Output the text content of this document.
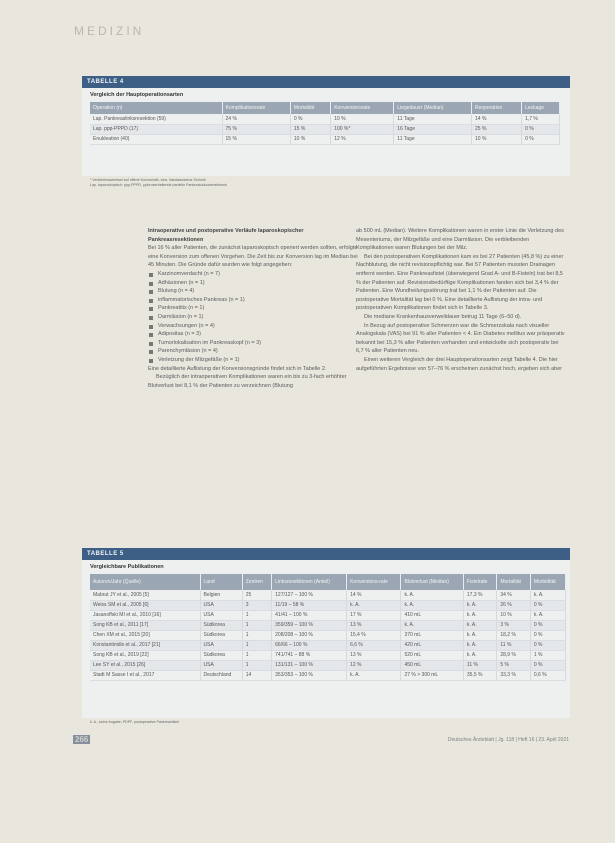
MEDIZIN
TABELLE 4
Vergleich der Hauptoperationsarten
Operation (n)	Komplikationsrate	Mortalität	Konversionsrate	Liegedauer (Median)	Reoperation	Leckage
Lap. Pankreaslinksresektion (59)	24 %	0 %	10 %	11 Tage	14 %	1,7 %
Lap. ppp-PPPD (17)	75 %	15 %	100 %*	16 Tage	25 %	0 %
Enukleation (40)	15 %	10 %	12 %	11 Tage	10 %	0 %
* Verfahrenswechsel auf offene Kurzschnitt- bzw. Handassistenz-Technik
Lap. laparoskopisch; ppp-PPPD, pyloruserhaltende partielle Pankreatoduodenektomie

Intraoperative und postoperative Verläufe laparoskopischer Pankreasresektionen

Bei 16 % aller Patienten, die zunächst laparoskopisch operiert werden sollten, erfolgte eine Konversion zum offenen Vorgehen. Die Zeit bis zur Konversion lag im Median bei 45 Minuten. Die Gründe dafür wurden wie folgt angegeben:

Karzinomverdacht (n = 7)
Adhäsionen (n = 1)
Blutung (n = 4)
inflammatorisches Pankreas (n = 1)
Pankreatitis (n = 1)
Darmläsion (n = 1)
Verwachsungen (n = 4)
Adipositas (n = 3)
Tumorlokalisation im Pankreaskopf (n = 3)
Parenchymläsion (n = 4)
Verletzung der Milzgefäße (n = 1)

Eine detaillierte Auflistung der Konversionsgründe findet sich in Tabelle 2.

Bezüglich der intraoperativen Komplikationen waren ein bis zu 3-fach erhöhter Blutverlust bei 8,1 % der Patienten zu verzeichnen (Blutung

ab 500 mL (Median). Weitere Komplikationen waren in erster Linie die Verletzung des Mesenteriums, der Milzgefäße und eine Darmläsion. Die verbleibenden Komplikationen waren Blutungen bei der Milz.

Bei den postoperativen Komplikationen kam es bei 27 Patienten (45,8 %) zu einer Nachblutung, die nicht revisionspflichtig war. Bei 57 Patienten mussten Drainagen entfernt werden. Eine Pankreasfistel (überwiegend Grad A- und B-Fisteln) trat bei 8,5 % der Patienten auf. Revisionsbedürftige Komplikationen fanden sich bei 3,4 % der Patienten. Eine Wundheilungsstörung trat bei 1,1 % der Patienten auf. Die postoperative Mortalität lag bei 0 %. Eine detaillierte Auflistung der intra- und postoperativen Komplikationen findet sich in Tabelle 3.

Die mediane Krankenhausverweildauer betrug 11 Tage (6–50 d).

In Bezug auf postoperative Schmerzen war die Schmerzskala nach visueller Analogskala (VAS) bei 91 % aller Patienten < 4. Ein Diabetes mellitus war präoperativ bekannt bei 15,3 % aller Patienten vorhanden und entwickelte sich postoperativ bei 6,7 % aller Patienten neu.

Einen weiteren Vergleich der drei Hauptoperationsarten zeigt Tabelle 4. Die hier aufgeführten Ergebnisse von 57–76 % erscheinen zunächst hoch, ergeben sich aber

TABELLE 5
Vergleichbare Publikationen
Autoren/Jahr (Quelle)	Land	Zentren	Linksresektionen (Anteil)	Konversions-rate	Blutverlust (Median)	Fistelrate	Mortalität	Morbidität
Mabrut JY et al., 2005 [5]	Belgien	25	127/127 – 100 %	14 %	k. A.	17,3 %	34 %	k. A.
Weiss SM et al., 2005 [6]	USA	3	11/19 – 58 %	k. A.	k. A.	k. A.	26 %	0 %
Jasanoffski MI et al., 2010 [16]	USA	1	41/41 – 100 %	17 %	410 mL	k. A.	10 %	k. A.
Song KB et al., 2011 [17]	Südkorea	1	359/359 – 100 %	13 %	k. A.	k. A.	3 %	0 %
Chen XM et al., 2015 [20]	Südkorea	1	208/208 – 100 %	15,4 %	370 mL	k. A.	18,2 %	0 %
Konstantinidis et al., 2017 [21]	USA	1	66/66 – 100 %	6,6 %	420 mL	k. A.	11 %	0 %
Song KB et al., 2019 [22]	Südkorea	1	741/741 – 88 %	13 %	520 mL	k. A.	28,9 %	1 %
Lee SY et al., 2015 [26]	USA	1	131/131 – 100 %	12 %	450 mL	11 %	5 %	0 %
Stadt M Sasse I et al., 2017	Deutschland	14	353/353 – 100 %	k. A.	27 % > 300 mL	35,5 %	33,3 %	0,6 %
k. A., keine Angabe; PDPF, postoperative Pankreasfistel
266	Deutsches Ärzteblatt | Jg. 118 | Heft 16 | 23. April 2021
